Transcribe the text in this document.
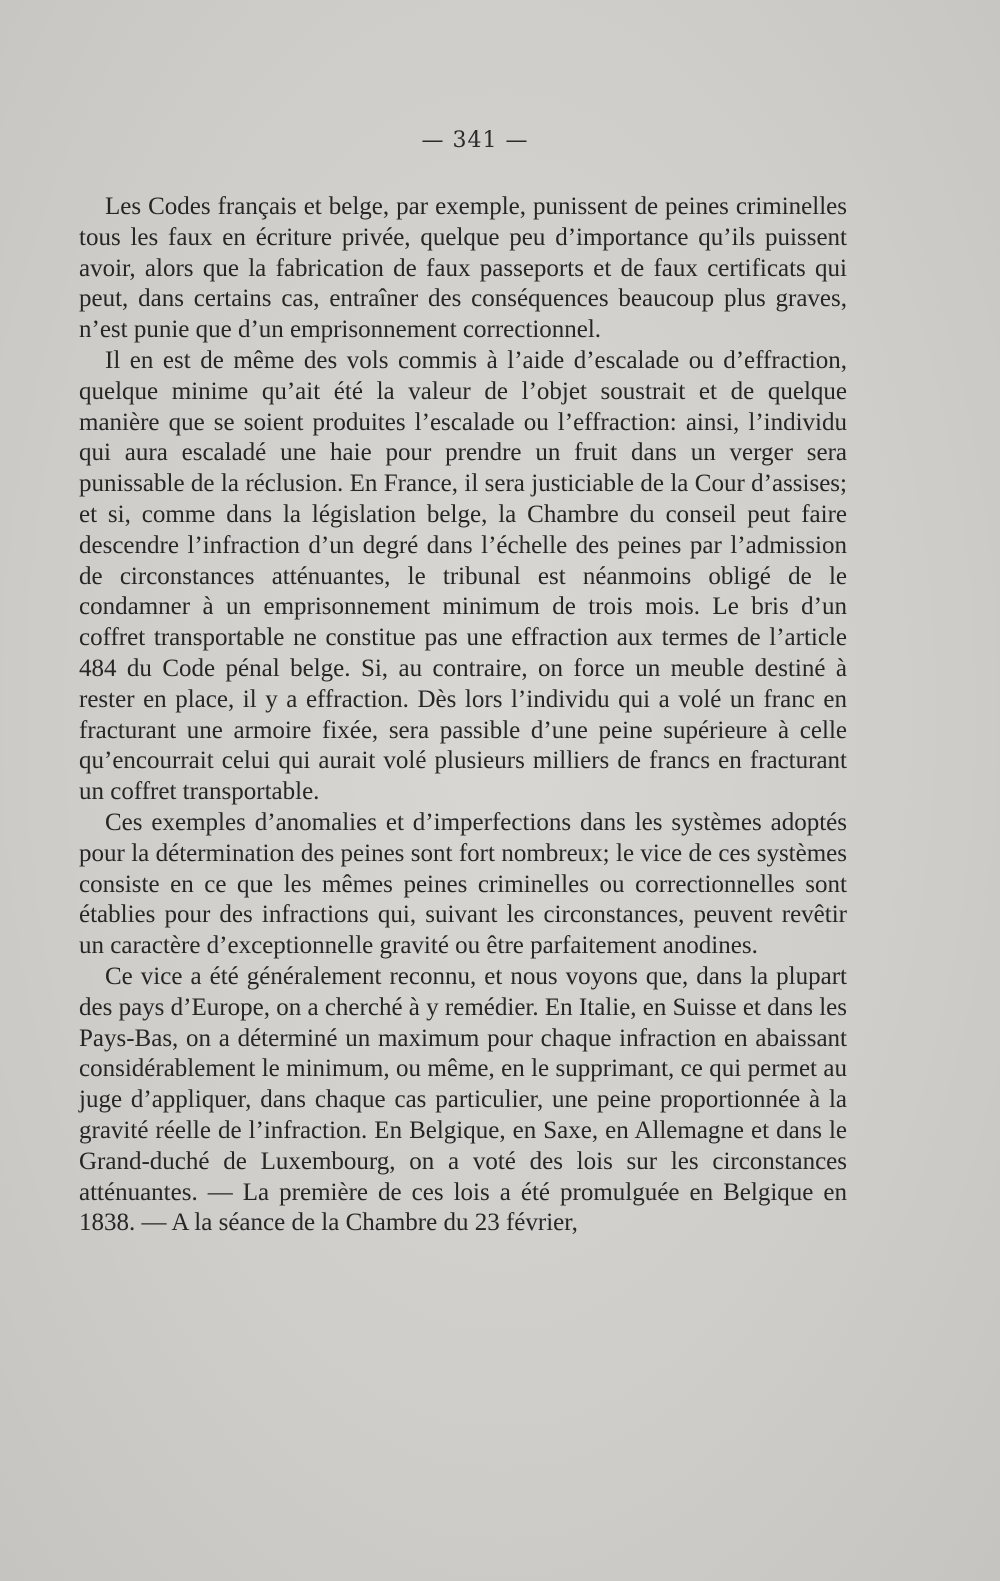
— 341 —

Les Codes français et belge, par exemple, punissent de peines criminelles tous les faux en écriture privée, quelque peu d’importance qu’ils puissent avoir, alors que la fabrication de faux passeports et de faux certificats qui peut, dans certains cas, entraîner des conséquences beaucoup plus graves, n’est punie que d’un emprisonnement correctionnel.

Il en est de même des vols commis à l’aide d’escalade ou d’effraction, quelque minime qu’ait été la valeur de l’objet soustrait et de quelque manière que se soient produites l’escalade ou l’effraction: ainsi, l’individu qui aura escaladé une haie pour prendre un fruit dans un verger sera punissable de la réclusion. En France, il sera justiciable de la Cour d’assises; et si, comme dans la législation belge, la Chambre du conseil peut faire descendre l’infraction d’un degré dans l’échelle des peines par l’admission de circonstances atténuantes, le tribunal est néanmoins obligé de le condamner à un emprisonnement minimum de trois mois. Le bris d’un coffret transportable ne constitue pas une effraction aux termes de l’article 484 du Code pénal belge. Si, au contraire, on force un meuble destiné à rester en place, il y a effraction. Dès lors l’individu qui a volé un franc en fracturant une armoire fixée, sera passible d’une peine supérieure à celle qu’encourrait celui qui aurait volé plusieurs milliers de francs en fracturant un coffret transportable.

Ces exemples d’anomalies et d’imperfections dans les systèmes adoptés pour la détermination des peines sont fort nombreux; le vice de ces systèmes consiste en ce que les mêmes peines criminelles ou correctionnelles sont établies pour des infractions qui, suivant les circonstances, peuvent revêtir un caractère d’exceptionnelle gravité ou être parfaitement anodines.

Ce vice a été généralement reconnu, et nous voyons que, dans la plupart des pays d’Europe, on a cherché à y remédier. En Italie, en Suisse et dans les Pays-Bas, on a déterminé un maximum pour chaque infraction en abaissant considérablement le minimum, ou même, en le supprimant, ce qui permet au juge d’appliquer, dans chaque cas particulier, une peine proportionnée à la gravité réelle de l’infraction. En Belgique, en Saxe, en Allemagne et dans le Grand-duché de Luxembourg, on a voté des lois sur les circonstances atténuantes. — La première de ces lois a été promulguée en Belgique en 1838. — A la séance de la Chambre du 23 février,
